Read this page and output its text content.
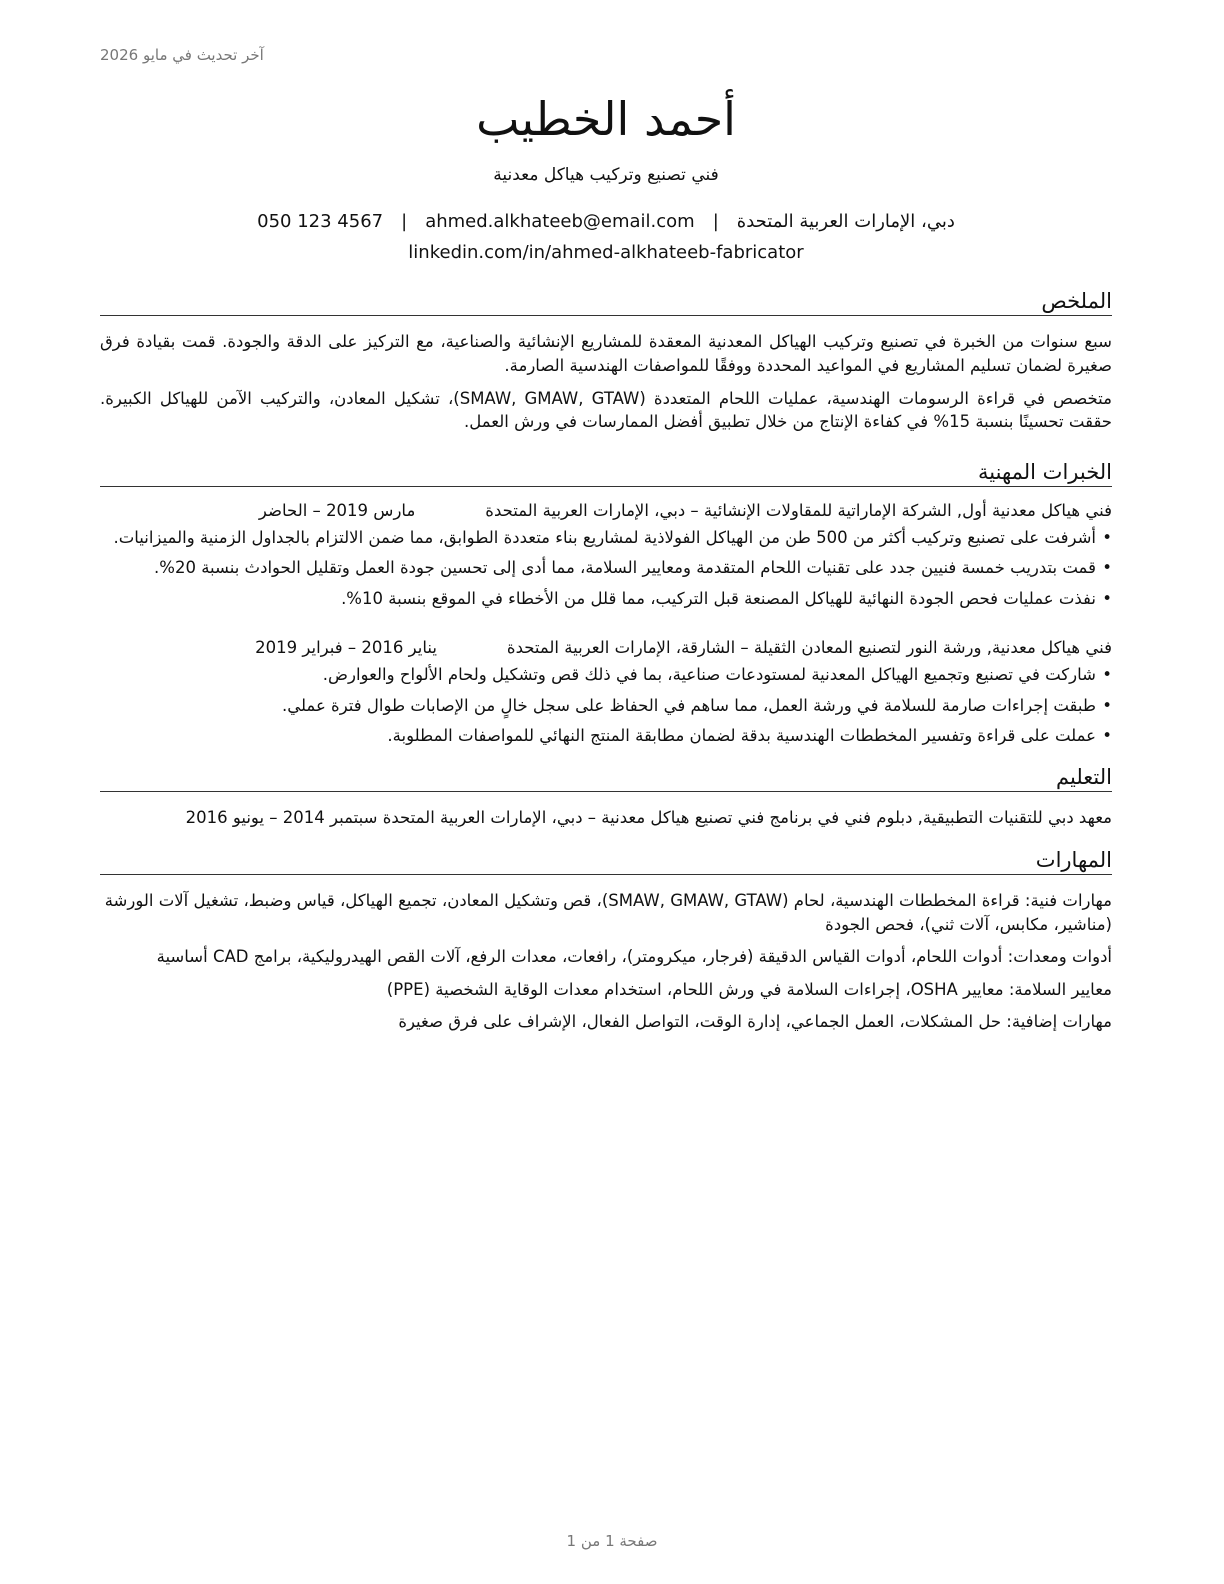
آخر تحديث في مايو 2026
أحمد الخطيب
فني تصنيع وتركيب هياكل معدنية
050 123 4567 | ahmed.alkhateeb@email.com | دبي، الإمارات العربية المتحدة
linkedin.com/in/ahmed-alkhateeb-fabricator
الملخص

سبع سنوات من الخبرة في تصنيع وتركيب الهياكل المعدنية المعقدة للمشاريع الإنشائية والصناعية، مع التركيز على الدقة والجودة. قمت بقيادة فرق صغيرة لضمان تسليم المشاريع في المواعيد المحددة ووفقًا للمواصفات الهندسية الصارمة.

متخصص في قراءة الرسومات الهندسية، عمليات اللحام المتعددة (SMAW, GMAW, GTAW)، تشكيل المعادن، والتركيب الآمن للهياكل الكبيرة. حققت تحسينًا بنسبة 15% في كفاءة الإنتاج من خلال تطبيق أفضل الممارسات في ورش العمل.

الخبرات المهنية
فني هياكل معدنية أول, الشركة الإماراتية للمقاولات الإنشائية – دبي، الإمارات العربية المتحدة
مارس 2019 – الحاضر
• أشرفت على تصنيع وتركيب أكثر من 500 طن من الهياكل الفولاذية لمشاريع بناء متعددة الطوابق، مما ضمن الالتزام بالجداول الزمنية والميزانيات.
• قمت بتدريب خمسة فنيين جدد على تقنيات اللحام المتقدمة ومعايير السلامة، مما أدى إلى تحسين جودة العمل وتقليل الحوادث بنسبة 20%.
• نفذت عمليات فحص الجودة النهائية للهياكل المصنعة قبل التركيب، مما قلل من الأخطاء في الموقع بنسبة 10%.
فني هياكل معدنية, ورشة النور لتصنيع المعادن الثقيلة – الشارقة، الإمارات العربية المتحدة
يناير 2016 – فبراير 2019
• شاركت في تصنيع وتجميع الهياكل المعدنية لمستودعات صناعية، بما في ذلك قص وتشكيل ولحام الألواح والعوارض.
• طبقت إجراءات صارمة للسلامة في ورشة العمل، مما ساهم في الحفاظ على سجل خالٍ من الإصابات طوال فترة عملي.
• عملت على قراءة وتفسير المخططات الهندسية بدقة لضمان مطابقة المنتج النهائي للمواصفات المطلوبة.
التعليم
معهد دبي للتقنيات التطبيقية, دبلوم فني في برنامج فني تصنيع هياكل معدنية – دبي، الإمارات العربية المتحدة سبتمبر 2014 – يونيو 2016
المهارات
مهارات فنية: قراءة المخططات الهندسية، لحام (SMAW, GMAW, GTAW)، قص وتشكيل المعادن، تجميع الهياكل، قياس وضبط، تشغيل آلات الورشة (مناشير، مكابس، آلات ثني)، فحص الجودة
أدوات ومعدات: أدوات اللحام، أدوات القياس الدقيقة (فرجار، ميكرومتر)، رافعات، معدات الرفع، آلات القص الهيدروليكية، برامج CAD أساسية
معايير السلامة: معايير OSHA، إجراءات السلامة في ورش اللحام، استخدام معدات الوقاية الشخصية (PPE)
مهارات إضافية: حل المشكلات، العمل الجماعي، إدارة الوقت، التواصل الفعال، الإشراف على فرق صغيرة
صفحة 1 من 1
